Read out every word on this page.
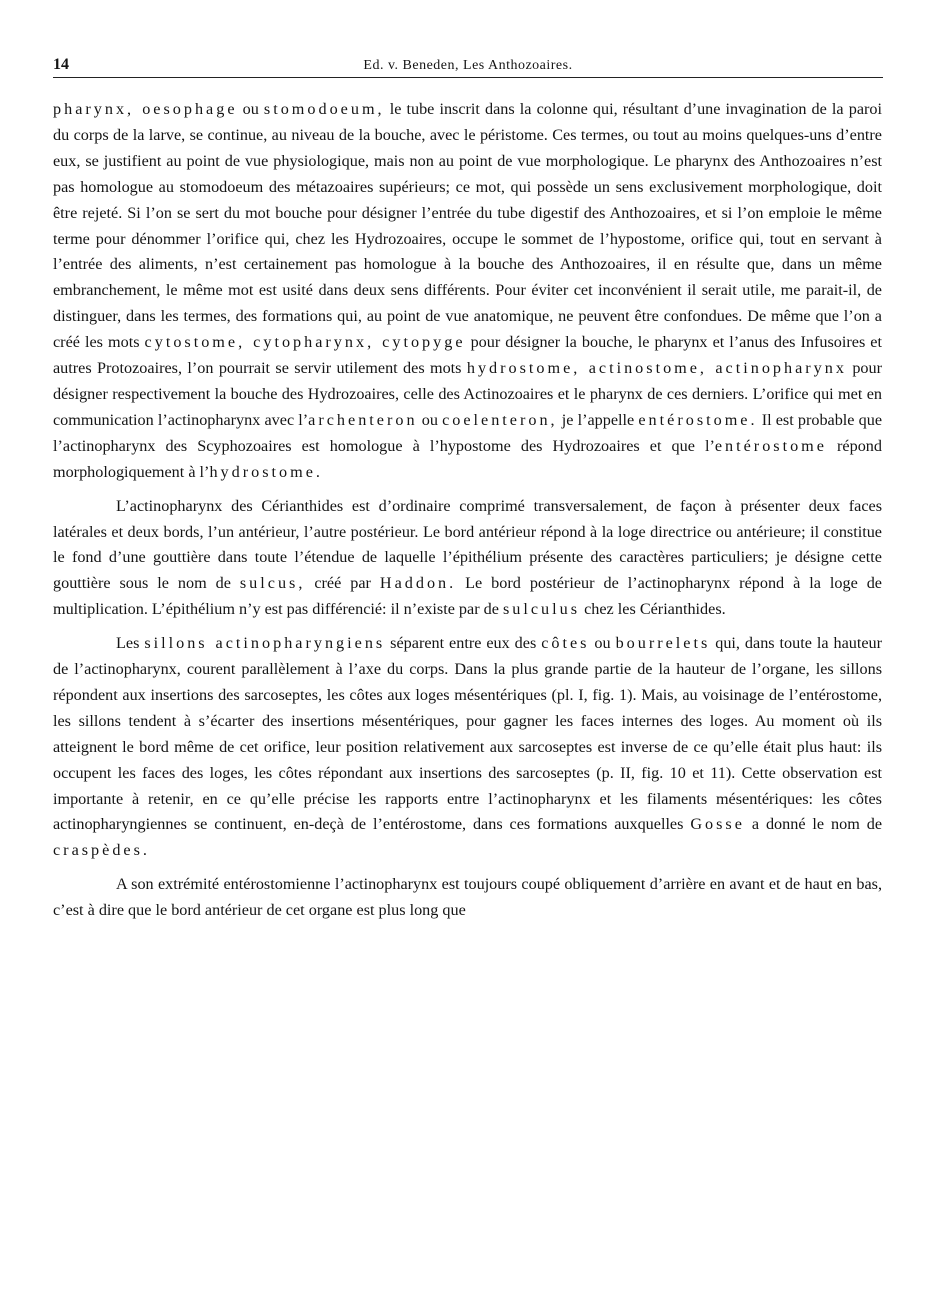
14	Ed. v. Beneden, Les Anthozoaires.

pharynx, oesophage ou stomodoeum, le tube inscrit dans la colonne qui, résultant d’une invagination de la paroi du corps de la larve, se continue, au niveau de la bouche, avec le péristome. Ces termes, ou tout au moins quelques-uns d’entre eux, se justifient au point de vue physiologique, mais non au point de vue morphologique. Le pharynx des Anthozoaires n’est pas homologue au stomodoeum des métazoaires supérieurs; ce mot, qui possède un sens exclusivement morphologique, doit être rejeté. Si l’on se sert du mot bouche pour désigner l’entrée du tube digestif des Anthozoaires, et si l’on emploie le même terme pour dénommer l’orifice qui, chez les Hydrozoaires, occupe le sommet de l’hypostome, orifice qui, tout en servant à l’entrée des aliments, n’est certainement pas homologue à la bouche des Anthozoaires, il en résulte que, dans un même embranchement, le même mot est usité dans deux sens différents. Pour éviter cet inconvénient il serait utile, me parait-il, de distinguer, dans les termes, des formations qui, au point de vue anatomique, ne peuvent être confondues. De même que l’on a créé les mots cytostome, cytopharynx, cytopyge pour désigner la bouche, le pharynx et l’anus des Infusoires et autres Protozoaires, l’on pourrait se servir utilement des mots hydrostome, actinostome, actinopharynx pour désigner respectivement la bouche des Hydrozoaires, celle des Actinozoaires et le pharynx de ces derniers. L’orifice qui met en communication l’actinopharynx avec l’archenteron ou coelenteron, je l’appelle entérostome. Il est probable que l’actinopharynx des Scyphozoaires est homologue à l’hypostome des Hydrozoaires et que l’entérostome répond morphologiquement à l’hydrostome.

L’actinopharynx des Cérianthides est d’ordinaire comprimé transversalement, de façon à présenter deux faces latérales et deux bords, l’un antérieur, l’autre postérieur. Le bord antérieur répond à la loge directrice ou antérieure; il constitue le fond d’une gouttière dans toute l’étendue de laquelle l’épithélium présente des caractères particuliers; je désigne cette gouttière sous le nom de sulcus, créé par Haddon. Le bord postérieur de l’actinopharynx répond à la loge de multiplication. L’épithélium n’y est pas différencié: il n’existe par de sulculus chez les Cérianthides.

Les sillons actinopharyngiens séparent entre eux des côtes ou bourrelets qui, dans toute la hauteur de l’actinopharynx, courent parallèlement à l’axe du corps. Dans la plus grande partie de la hauteur de l’organe, les sillons répondent aux insertions des sarcoseptes, les côtes aux loges mésentériques (pl. I, fig. 1). Mais, au voisinage de l’entérostome, les sillons tendent à s’écarter des insertions mésentériques, pour gagner les faces internes des loges. Au moment où ils atteignent le bord même de cet orifice, leur position relativement aux sarcoseptes est inverse de ce qu’elle était plus haut: ils occupent les faces des loges, les côtes répondant aux insertions des sarcoseptes (p. II, fig. 10 et 11). Cette observation est importante à retenir, en ce qu’elle précise les rapports entre l’actinopharynx et les filaments mésentériques: les côtes actinopharyngiennes se continuent, en-deçà de l’entérostome, dans ces formations auxquelles Gosse a donné le nom de craspèdes.

A son extrémité entérostomienne l’actinopharynx est toujours coupé obliquement d’arrière en avant et de haut en bas, c’est à dire que le bord antérieur de cet organe est plus long que
